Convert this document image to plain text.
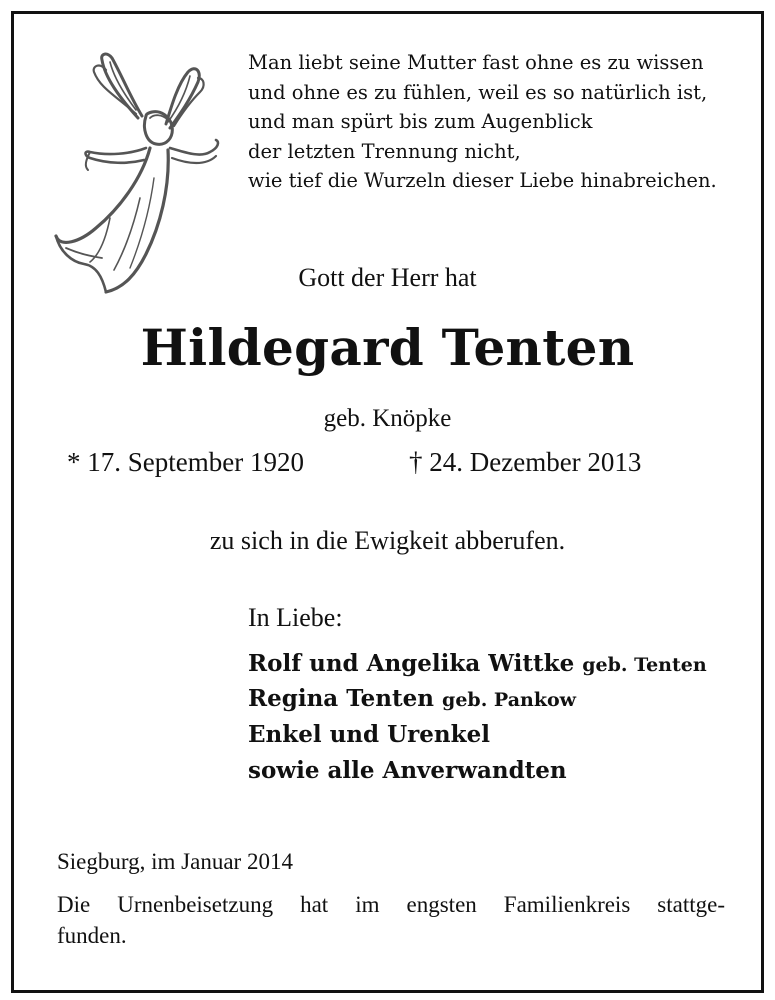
Man liebt seine Mutter fast ohne es zu wissen
und ohne es zu fühlen, weil es so natürlich ist,
und man spürt bis zum Augenblick
der letzten Trennung nicht,
wie tief die Wurzeln dieser Liebe hinabreichen.
Gott der Herr hat
Hildegard Tenten
geb. Knöpke
* 17. September 1920	† 24. Dezember 2013
zu sich in die Ewigkeit abberufen.
In Liebe:
Rolf und Angelika Wittke geb. Tenten
Regina Tenten geb. Pankow
Enkel und Urenkel
sowie alle Anverwandten
Siegburg, im Januar 2014
Die Urnenbeisetzung hat im engsten Familienkreis stattge-
funden.
